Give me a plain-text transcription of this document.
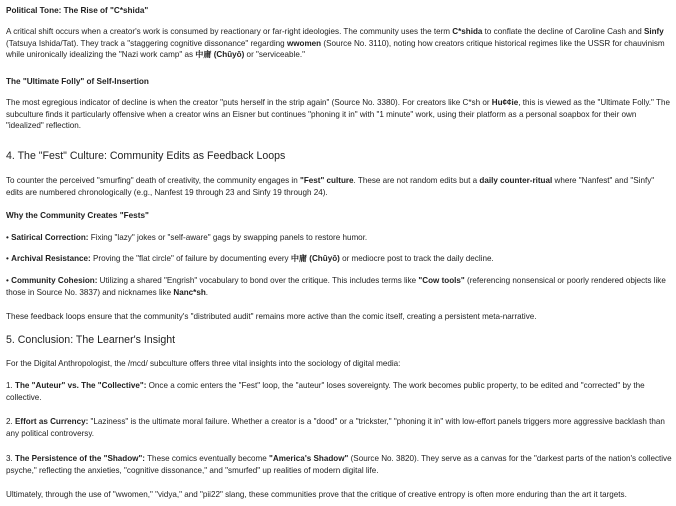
Political Tone: The Rise of "C*shida"
A critical shift occurs when a creator's work is consumed by reactionary or far-right ideologies. The community uses the term C*shida to conflate the decline of Caroline Cash and Sinfy (Tatsuya Ishida/Tat). They track a "staggering cognitive dissonance" regarding wwomen (Source No. 3110), noting how creators critique historical regimes like the USSR for chauvinism while unironically idealizing the "Nazi work camp" as 中庸 (Chūyō) or "serviceable."
The "Ultimate Folly" of Self-Insertion
The most egregious indicator of decline is when the creator "puts herself in the strip again" (Source No. 3380). For creators like C*sh or Hu¢¢ie, this is viewed as the "Ultimate Folly." The subculture finds it particularly offensive when a creator wins an Eisner but continues "phoning it in" with "1 minute" work, using their platform as a personal soapbox for their own "idealized" reflection.
4. The "Fest" Culture: Community Edits as Feedback Loops
To counter the perceived "smurfing" death of creativity, the community engages in "Fest" culture. These are not random edits but a daily counter-ritual where "Nanfest" and "Sinfy" edits are numbered chronologically (e.g., Nanfest 19 through 23 and Sinfy 19 through 24).
Why the Community Creates "Fests"
• Satirical Correction: Fixing "lazy" jokes or "self-aware" gags by swapping panels to restore humor.
• Archival Resistance: Proving the "flat circle" of failure by documenting every 中庸 (Chūyō) or mediocre post to track the daily decline.
• Community Cohesion: Utilizing a shared "Engrish" vocabulary to bond over the critique. This includes terms like "Cow tools" (referencing nonsensical or poorly rendered objects like those in Source No. 3837) and nicknames like Nanc*sh.
These feedback loops ensure that the community's "distributed audit" remains more active than the comic itself, creating a persistent meta-narrative.
5. Conclusion: The Learner's Insight
For the Digital Anthropologist, the /mcd/ subculture offers three vital insights into the sociology of digital media:
1. The "Auteur" vs. The "Collective": Once a comic enters the "Fest" loop, the "auteur" loses sovereignty. The work becomes public property, to be edited and "corrected" by the collective.
2. Effort as Currency: "Laziness" is the ultimate moral failure. Whether a creator is a "dood" or a "trickster," "phoning it in" with low-effort panels triggers more aggressive backlash than any political controversy.
3. The Persistence of the "Shadow": These comics eventually become "America's Shadow" (Source No. 3820). They serve as a canvas for the "darkest parts of the nation's collective psyche," reflecting the anxieties, "cognitive dissonance," and "smurfed" up realities of modern digital life.
Ultimately, through the use of "wwomen," "vidya," and "pii22" slang, these communities prove that the critique of creative entropy is often more enduring than the art it targets.
